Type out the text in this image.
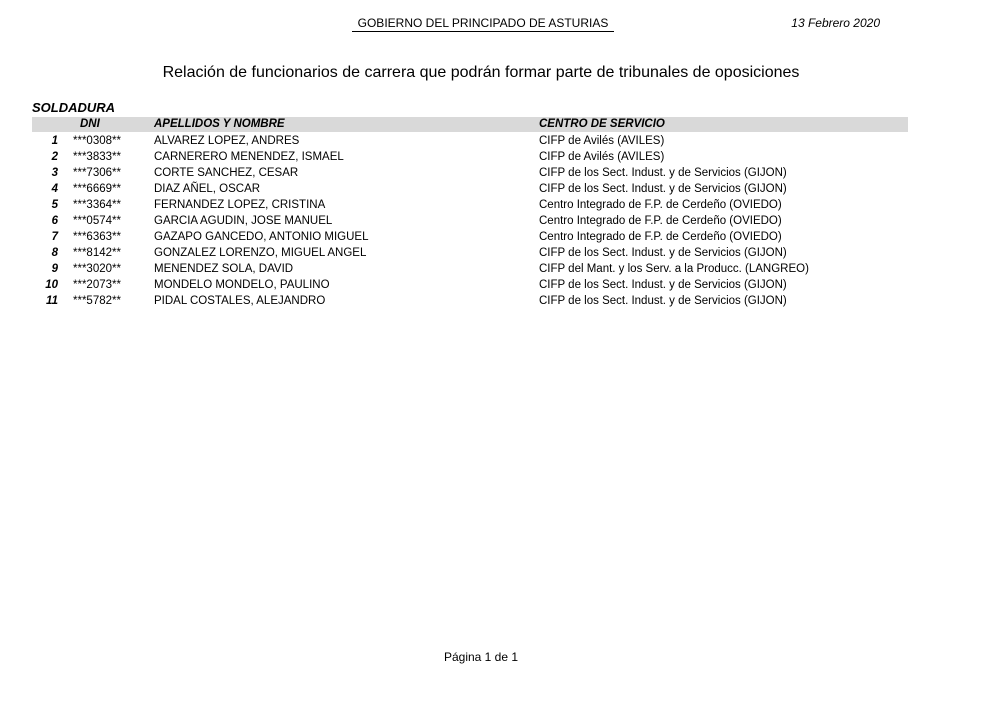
GOBIERNO DEL PRINCIPADO DE ASTURIAS	13 Febrero 2020
Relación de funcionarios de carrera que podrán formar parte de tribunales de oposiciones
SOLDADURA
DNI	APELLIDOS Y NOMBRE	CENTRO DE SERVICIO
1 ***0308**	ALVAREZ LOPEZ, ANDRES	CIFP de Avilés (AVILES)
2 ***3833**	CARNERERO MENENDEZ, ISMAEL	CIFP de Avilés (AVILES)
3 ***7306**	CORTE SANCHEZ, CESAR	CIFP de los Sect. Indust. y de Servicios (GIJON)
4 ***6669**	DIAZ AÑEL, OSCAR	CIFP de los Sect. Indust. y de Servicios (GIJON)
5 ***3364**	FERNANDEZ LOPEZ, CRISTINA	Centro Integrado de F.P. de Cerdeño (OVIEDO)
6 ***0574**	GARCIA AGUDIN, JOSE MANUEL	Centro Integrado de F.P. de Cerdeño (OVIEDO)
7 ***6363**	GAZAPO GANCEDO, ANTONIO MIGUEL	Centro Integrado de F.P. de Cerdeño (OVIEDO)
8 ***8142**	GONZALEZ LORENZO, MIGUEL ANGEL	CIFP de los Sect. Indust. y de Servicios (GIJON)
9 ***3020**	MENENDEZ SOLA, DAVID	CIFP del Mant. y los Serv. a la Producc. (LANGREO)
10 ***2073**	MONDELO MONDELO, PAULINO	CIFP de los Sect. Indust. y de Servicios (GIJON)
11 ***5782**	PIDAL COSTALES, ALEJANDRO	CIFP de los Sect. Indust. y de Servicios (GIJON)
Página 1 de 1
